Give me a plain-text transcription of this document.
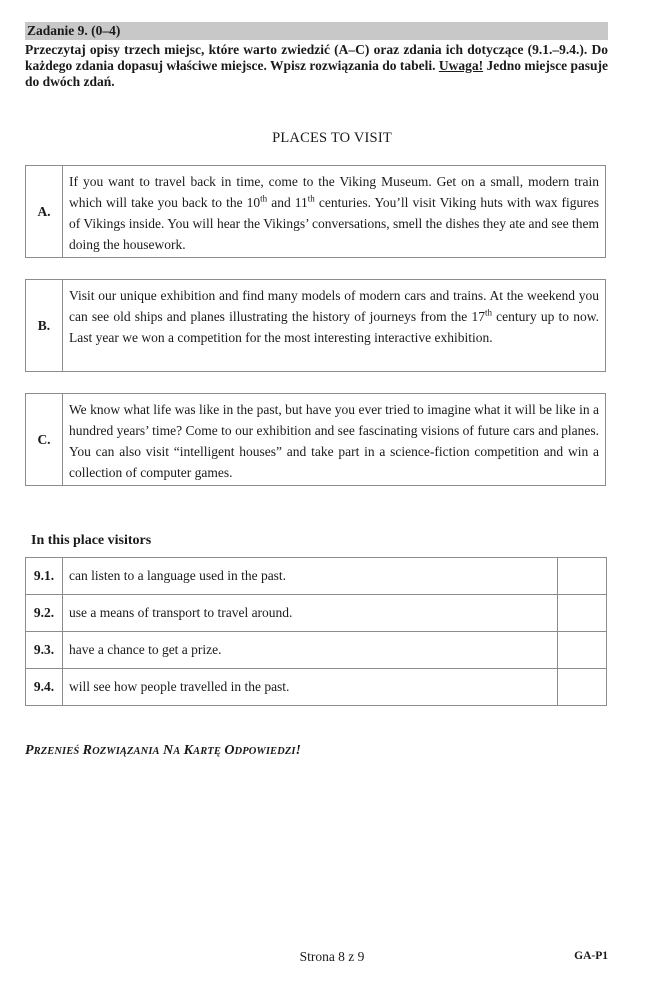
Zadanie 9. (0–4)
Przeczytaj opisy trzech miejsc, które warto zwiedzić (A–C) oraz zdania ich dotyczące (9.1.–9.4.). Do każdego zdania dopasuj właściwe miejsce. Wpisz rozwiązania do tabeli. Uwaga! Jedno miejsce pasuje do dwóch zdań.
PLACES TO VISIT
A.

If you want to travel back in time, come to the Viking Museum. Get on a small, modern train which will take you back to the 10th and 11th centuries. You’ll visit Viking huts with wax figures of Vikings inside. You will hear the Vikings’ conversations, smell the dishes they ate and see them doing the housework.

B.

Visit our unique exhibition and find many models of modern cars and trains. At the weekend you can see old ships and planes illustrating the history of journeys from the 17th century up to now. Last year we won a competition for the most interesting interactive exhibition.

C.

We know what life was like in the past, but have you ever tried to imagine what it will be like in a hundred years’ time? Come to our exhibition and see fascinating visions of future cars and planes. You can also visit “intelligent houses” and take part in a science-fiction competition and win a collection of computer games.

In this place visitors
9.1.	can listen to a language used in the past.	
9.2.	use a means of transport to travel around.	
9.3.	have a chance to get a prize.	
9.4.	will see how people travelled in the past.	
PRZENIEŚ ROZWIĄZANIA NA KARTĘ ODPOWIEDZI!
Strona 8 z 9	GA-P1
